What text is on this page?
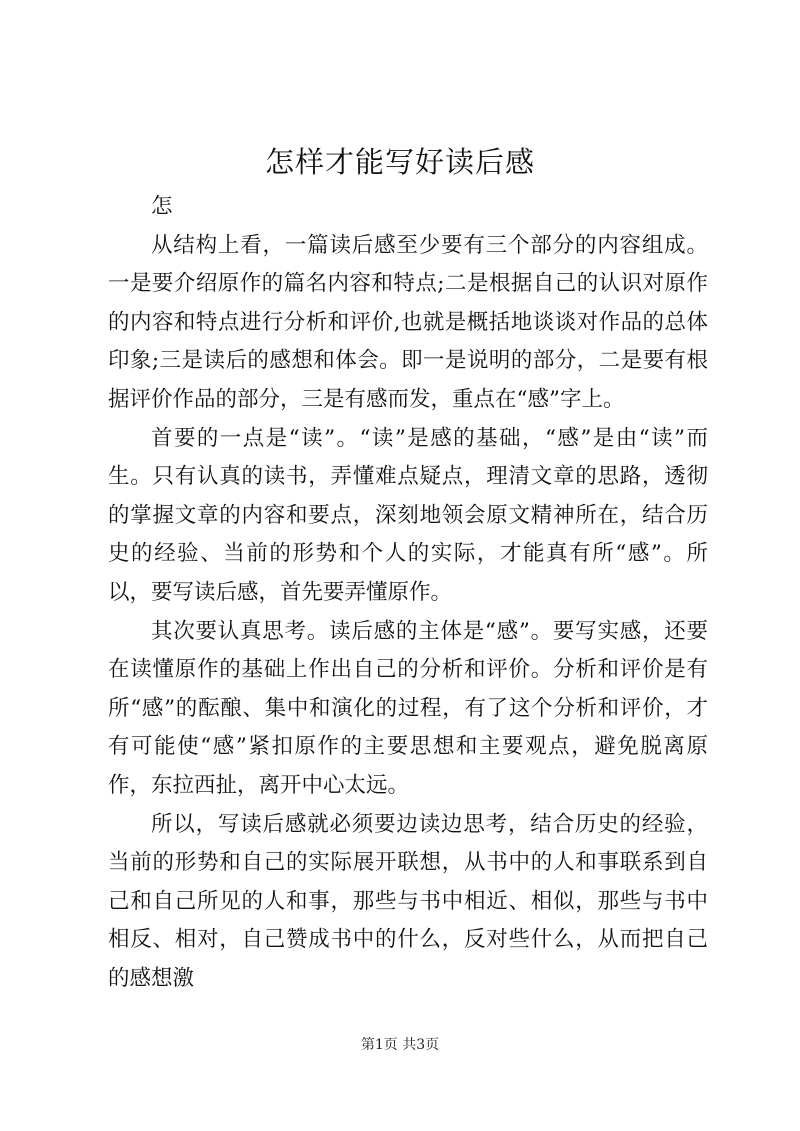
怎样才能写好读后感

怎

从结构上看，一篇读后感至少要有三个部分的内容组成。一是要介绍原作的篇名内容和特点;二是根据自己的认识对原作的内容和特点进行分析和评价,也就是概括地谈谈对作品的总体印象;三是读后的感想和体会。即一是说明的部分，二是要有根据评价作品的部分，三是有感而发，重点在“感”字上。

首要的一点是“读”。“读”是感的基础，“感”是由“读”而生。只有认真的读书，弄懂难点疑点，理清文章的思路，透彻的掌握文章的内容和要点，深刻地领会原文精神所在，结合历史的经验、当前的形势和个人的实际，才能真有所“感”。所以，要写读后感，首先要弄懂原作。

其次要认真思考。读后感的主体是“感”。要写实感，还要在读懂原作的基础上作出自己的分析和评价。分析和评价是有所“感”的酝酿、集中和演化的过程，有了这个分析和评价，才有可能使“感”紧扣原作的主要思想和主要观点，避免脱离原作，东拉西扯，离开中心太远。

所以，写读后感就必须要边读边思考，结合历史的经验，当前的形势和自己的实际展开联想，从书中的人和事联系到自己和自己所见的人和事，那些与书中相近、相似，那些与书中相反、相对，自己赞成书中的什么，反对些什么，从而把自己的感想激

第1页 共3页
